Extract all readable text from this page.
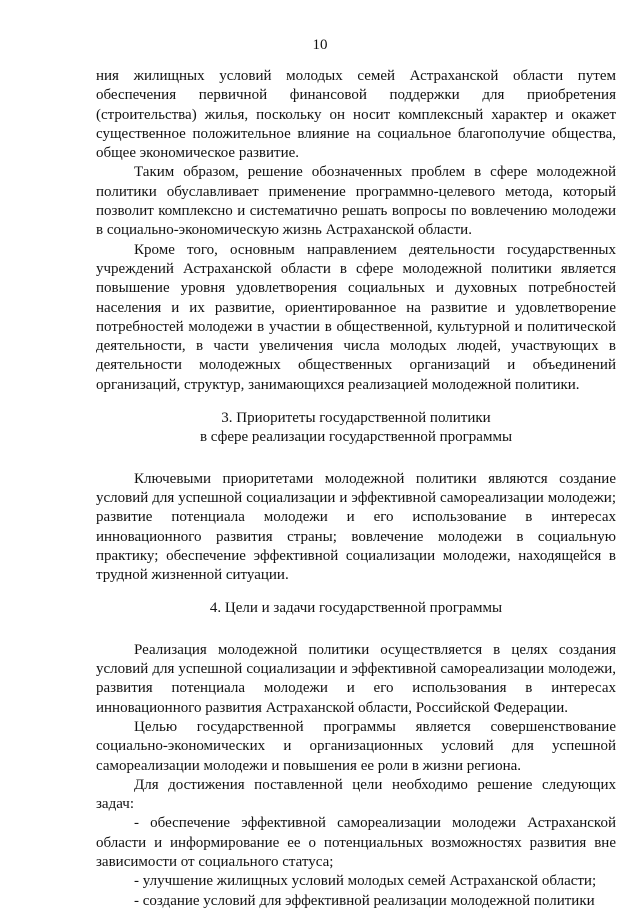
10

ния жилищных условий молодых семей Астраханской области путем обеспечения первичной финансовой поддержки для приобретения (строительства) жилья, поскольку он носит комплексный характер и окажет существенное положительное влияние на социальное благополучие общества, общее экономическое развитие.

Таким образом, решение обозначенных проблем в сфере молодежной политики обуславливает применение программно-целевого метода, который позволит комплексно и систематично решать вопросы по вовлечению молодежи в социально-экономическую жизнь Астраханской области.

Кроме того, основным направлением деятельности государственных учреждений Астраханской области в сфере молодежной политики является повышение уровня удовлетворения социальных и духовных потребностей населения и их развитие, ориентированное на развитие и удовлетворение потребностей молодежи в участии в общественной, культурной и политической деятельности, в части увеличения числа молодых людей, участвующих в деятельности молодежных общественных организаций и объединений организаций, структур, занимающихся реализацией молодежной политики.

3. Приоритеты государственной политики

в сфере реализации государственной программы

Ключевыми приоритетами молодежной политики являются создание условий для успешной социализации и эффективной самореализации молодежи; развитие потенциала молодежи и его использование в интересах инновационного развития страны; вовлечение молодежи в социальную практику; обеспечение эффективной социализации молодежи, находящейся в трудной жизненной ситуации.

4. Цели и задачи государственной программы

Реализация молодежной политики осуществляется в целях создания условий для успешной социализации и эффективной самореализации молодежи, развития потенциала молодежи и его использования в интересах инновационного развития Астраханской области, Российской Федерации.

Целью государственной программы является совершенствование социально-экономических и организационных условий для успешной самореализации молодежи и повышения ее роли в жизни региона.

Для достижения поставленной цели необходимо решение следующих задач:

- обеспечение эффективной самореализации молодежи Астраханской области и информирование ее о потенциальных возможностях развития вне зависимости от социального статуса;

- улучшение жилищных условий молодых семей Астраханской области;

- создание условий для эффективной реализации молодежной политики
